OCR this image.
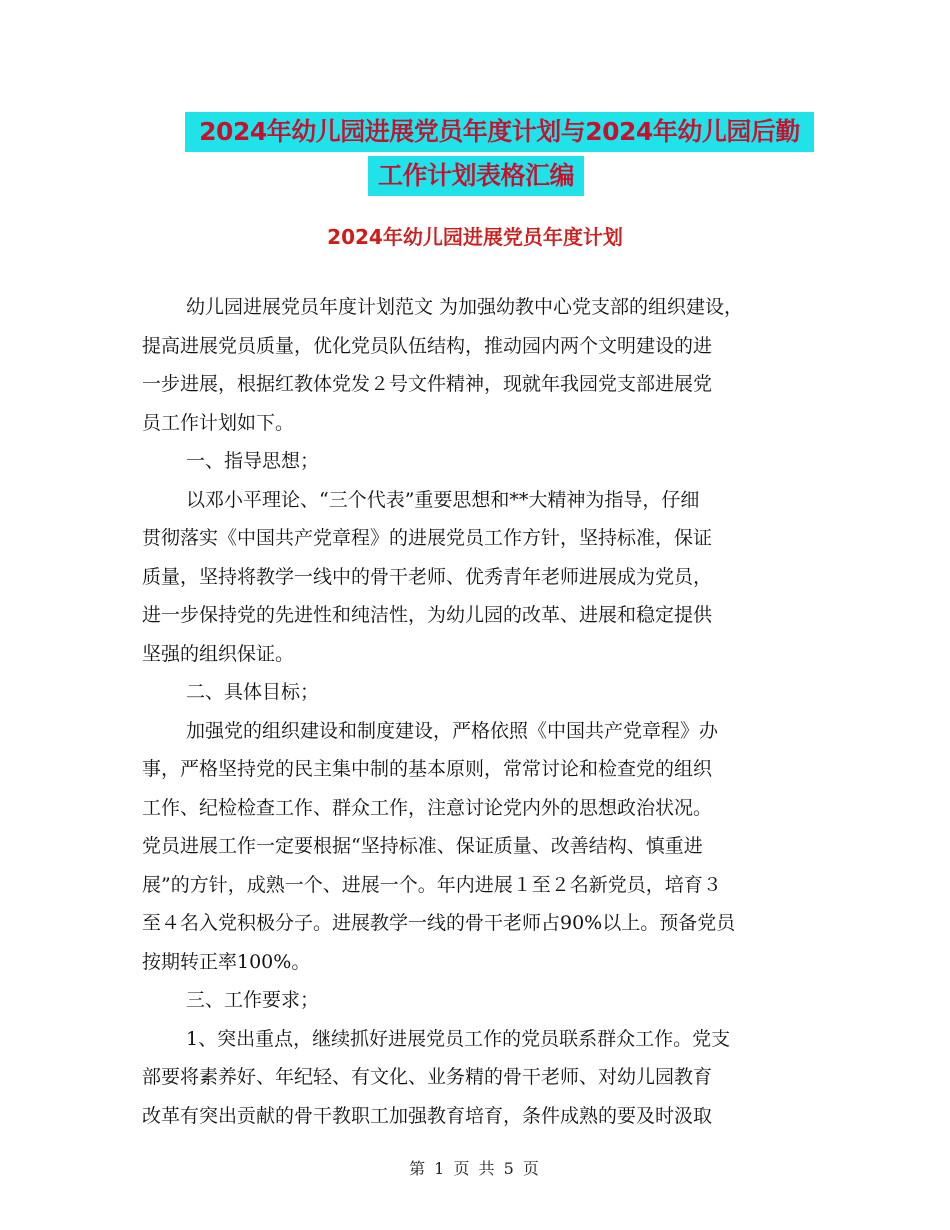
2024年幼儿园进展党员年度计划与2024年幼儿园后勤
工作计划表格汇编
2024年幼儿园进展党员年度计划
幼儿园进展党员年度计划范文 为加强幼教中心党支部的组织建设，
提高进展党员质量，优化党员队伍结构，推动园内两个文明建设的进
一步进展，根据红教体党发２号文件精神，现就年我园党支部进展党
员工作计划如下。
一、指导思想；
以邓小平理论、“三个代表”重要思想和**大精神为指导，仔细
贯彻落实《中国共产党章程》的进展党员工作方针，坚持标准，保证
质量，坚持将教学一线中的骨干老师、优秀青年老师进展成为党员，
进一步保持党的先进性和纯洁性，为幼儿园的改革、进展和稳定提供
坚强的组织保证。
二、具体目标；
加强党的组织建设和制度建设，严格依照《中国共产党章程》办
事，严格坚持党的民主集中制的基本原则，常常讨论和检查党的组织
工作、纪检检查工作、群众工作，注意讨论党内外的思想政治状况。
党员进展工作一定要根据“坚持标准、保证质量、改善结构、慎重进
展”的方针，成熟一个、进展一个。年内进展１至２名新党员，培育３
至４名入党积极分子。进展教学一线的骨干老师占90%以上。预备党员
按期转正率100%。
三、工作要求；
1、突出重点，继续抓好进展党员工作的党员联系群众工作。党支
部要将素养好、年纪轻、有文化、业务精的骨干老师、对幼儿园教育
改革有突出贡献的骨干教职工加强教育培育，条件成熟的要及时汲取
第 1 页 共 5 页
